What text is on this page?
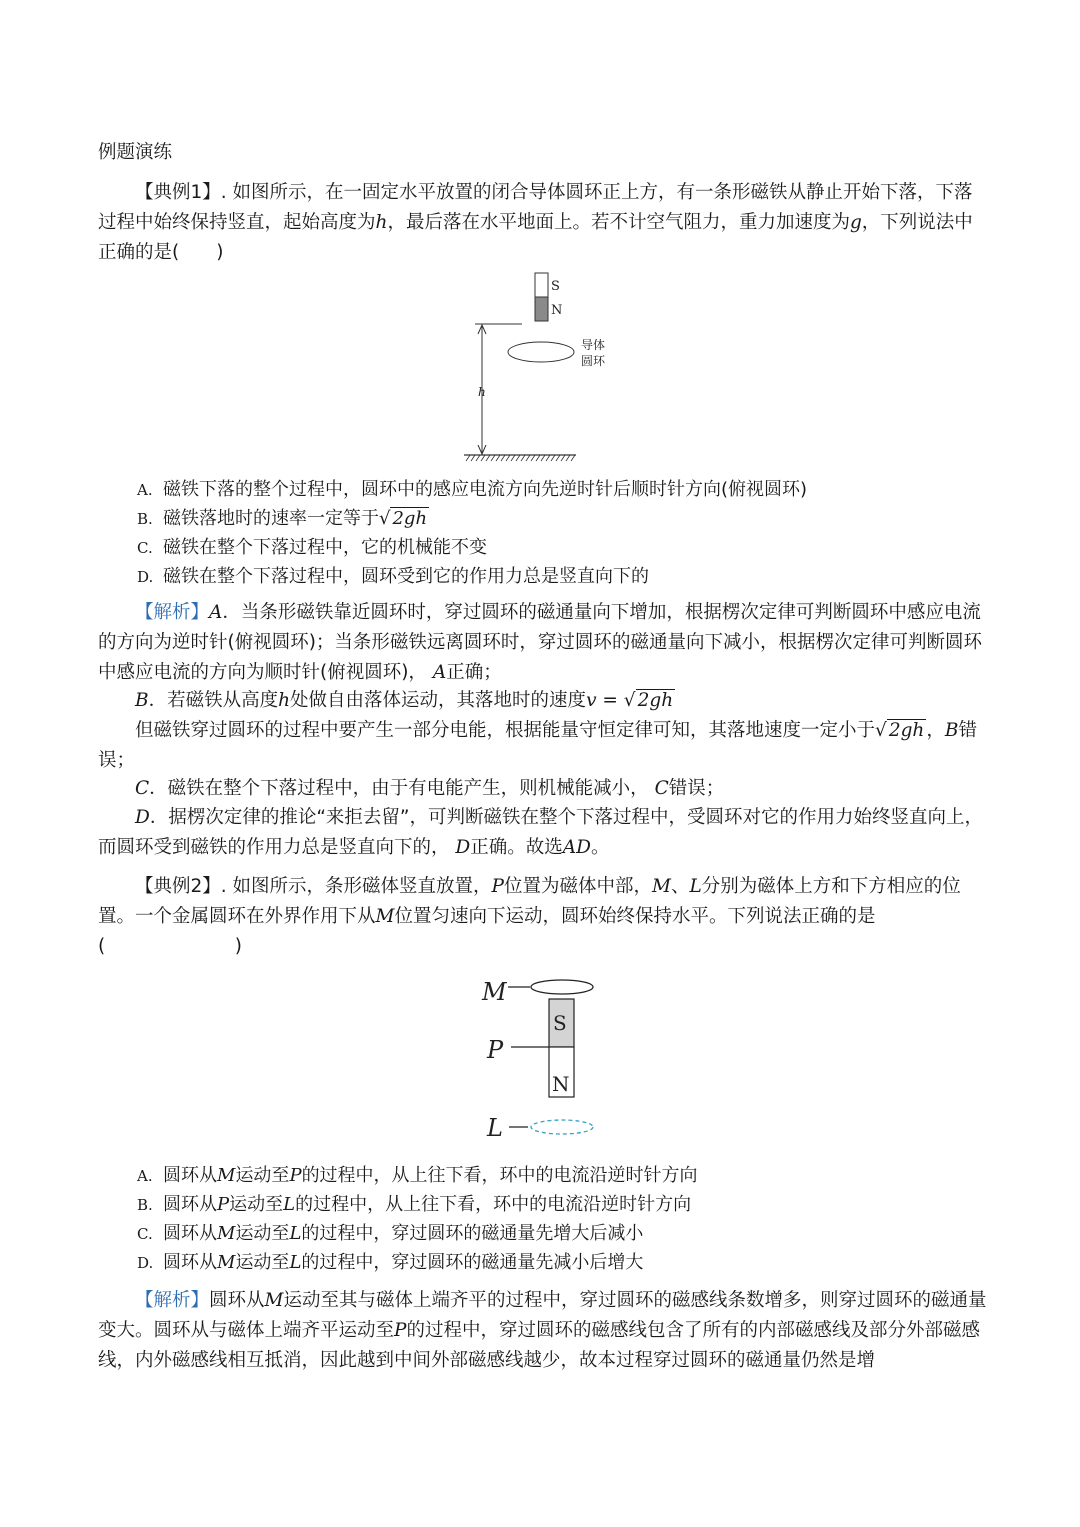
例题演练

【典例1】. 如图所示，在一固定水平放置的闭合导体圆环正上方，有一条形磁铁从静止开始下落，下落过程中始终保持竖直，起始高度为h，最后落在水平地面上。若不计空气阻力，重力加速度为g，下列说法中正确的是(　　)

S
N
h
导体
圆环
A. 磁铁下落的整个过程中，圆环中的感应电流方向先逆时针后顺时针方向(俯视圆环)
B. 磁铁落地时的速率一定等于√ 2gh
C. 磁铁在整个下落过程中，它的机械能不变
D. 磁铁在整个下落过程中，圆环受到它的作用力总是竖直向下的

【解析】A．当条形磁铁靠近圆环时，穿过圆环的磁通量向下增加，根据楞次定律可判断圆环中感应电流的方向为逆时针(俯视圆环)；当条形磁铁远离圆环时，穿过圆环的磁通量向下减小，根据楞次定律可判断圆环中感应电流的方向为顺时针(俯视圆环)， A正确；

B．若磁铁从高度h处做自由落体运动，其落地时的速度v = √ 2gh

但磁铁穿过圆环的过程中要产生一部分电能，根据能量守恒定律可知，其落地速度一定小于√ 2gh ，B错误；

C．磁铁在整个下落过程中，由于有电能产生，则机械能减小， C错误；

D．据楞次定律的推论“来拒去留”，可判断磁铁在整个下落过程中，受圆环对它的作用力始终竖直向上，而圆环受到磁铁的作用力总是竖直向下的， D正确。故选AD。

【典例2】. 如图所示，条形磁体竖直放置，P位置为磁体中部，M、L分别为磁体上方和下方相应的位置。一个金属圆环在外界作用下从M位置匀速向下运动，圆环始终保持水平。下列说法正确的是(　　　　　　　)

M
S
N
P
L
A. 圆环从M运动至P的过程中，从上往下看，环中的电流沿逆时针方向
B. 圆环从P运动至L的过程中，从上往下看，环中的电流沿逆时针方向
C. 圆环从M运动至L的过程中，穿过圆环的磁通量先增大后减小
D. 圆环从M运动至L的过程中，穿过圆环的磁通量先减小后增大

【解析】圆环从M运动至其与磁体上端齐平的过程中，穿过圆环的磁感线条数增多，则穿过圆环的磁通量变大。圆环从与磁体上端齐平运动至P的过程中，穿过圆环的磁感线包含了所有的内部磁感线及部分外部磁感线，内外磁感线相互抵消，因此越到中间外部磁感线越少，故本过程穿过圆环的磁通量仍然是增
